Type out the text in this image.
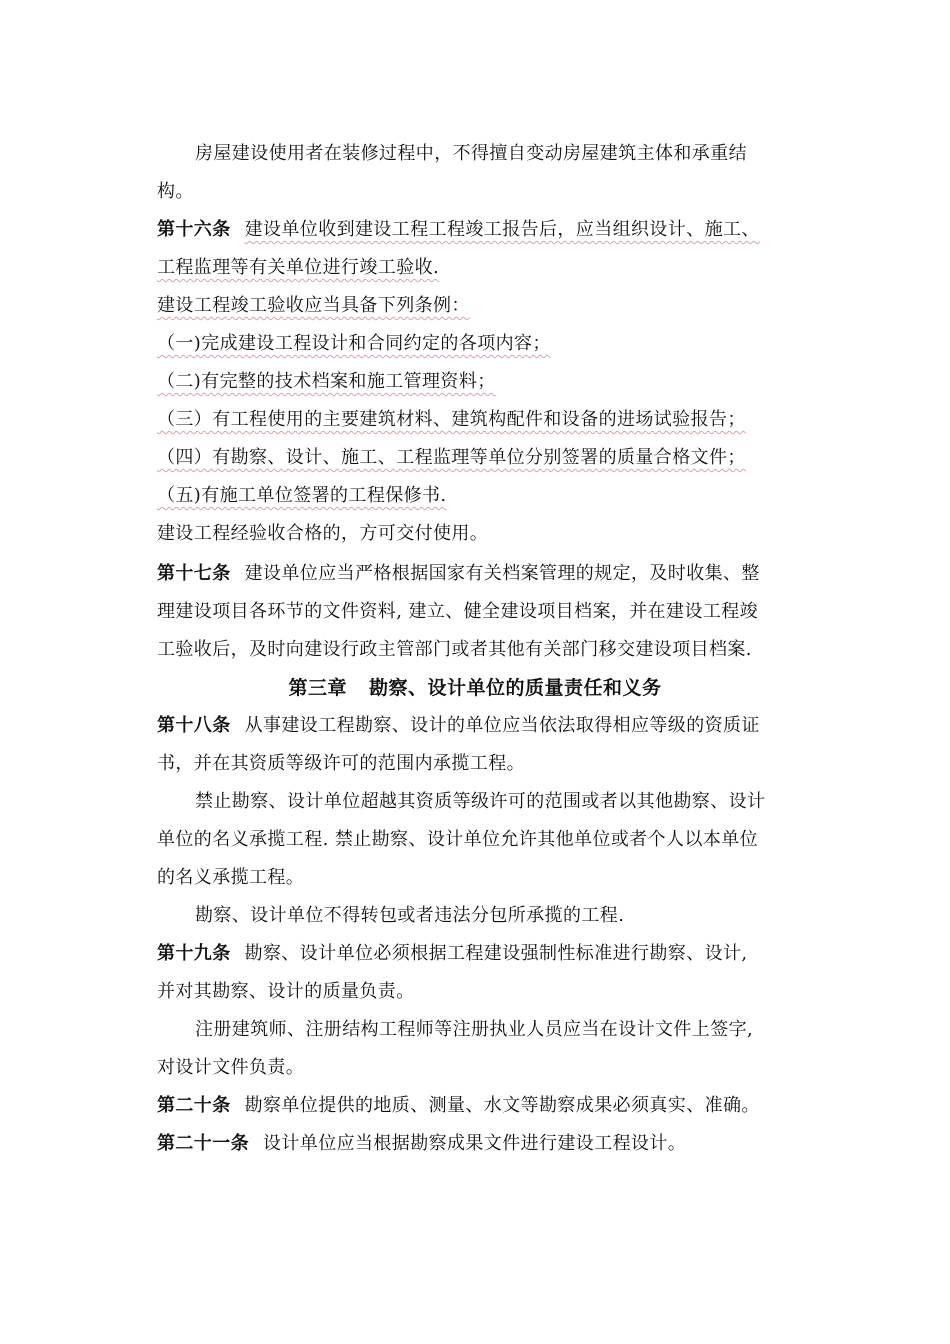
房屋建设使用者在装修过程中，不得擅自变动房屋建筑主体和承重结
构。
第十六条 建设单位收到建设工程工程竣工报告后，应当组织设计、施工、
工程监理等有关单位进行竣工验收.
建设工程竣工验收应当具备下列条例：
（一)完成建设工程设计和合同约定的各项内容；
（二)有完整的技术档案和施工管理资料；
（三）有工程使用的主要建筑材料、建筑构配件和设备的进场试验报告；
（四）有勘察、设计、施工、工程监理等单位分别签署的质量合格文件；
（五)有施工单位签署的工程保修书.
建设工程经验收合格的，方可交付使用。
第十七条 建设单位应当严格根据国家有关档案管理的规定，及时收集、整
理建设项目各环节的文件资料, 建立、健全建设项目档案，并在建设工程竣
工验收后，及时向建设行政主管部门或者其他有关部门移交建设项目档案.
第三章 勘察、设计单位的质量责任和义务
第十八条 从事建设工程勘察、设计的单位应当依法取得相应等级的资质证
书，并在其资质等级许可的范围内承揽工程。
禁止勘察、设计单位超越其资质等级许可的范围或者以其他勘察、设计
单位的名义承揽工程. 禁止勘察、设计单位允许其他单位或者个人以本单位
的名义承揽工程。
勘察、设计单位不得转包或者违法分包所承揽的工程.
第十九条 勘察、设计单位必须根据工程建设强制性标准进行勘察、设计,
并对其勘察、设计的质量负责。
注册建筑师、注册结构工程师等注册执业人员应当在设计文件上签字,
对设计文件负责。
第二十条 勘察单位提供的地质、测量、水文等勘察成果必须真实、准确。
第二十一条 设计单位应当根据勘察成果文件进行建设工程设计。
